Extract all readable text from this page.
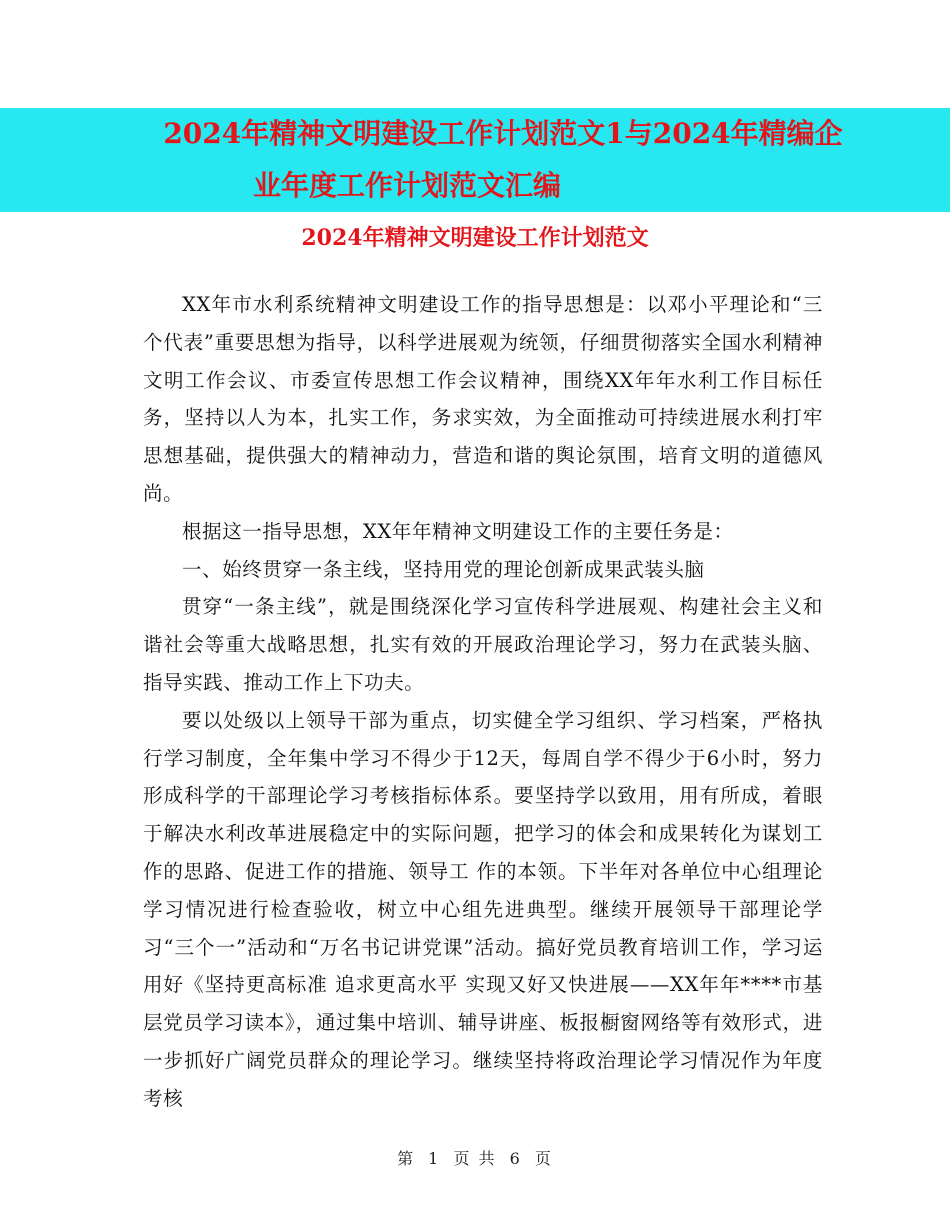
2024年精神文明建设工作计划范文1与2024年精编企
业年度工作计划范文汇编
2024年精神文明建设工作计划范文

XX年市水利系统精神文明建设工作的指导思想是：以邓小平理论和“三个代表”重要思想为指导，以科学进展观为统领，仔细贯彻落实全国水利精神文明工作会议、市委宣传思想工作会议精神，围绕XX年年水利工作目标任务，坚持以人为本，扎实工作，务求实效，为全面推动可持续进展水利打牢思想基础，提供强大的精神动力，营造和谐的舆论氛围，培育文明的道德风尚。

根据这一指导思想，XX年年精神文明建设工作的主要任务是：

一、始终贯穿一条主线，坚持用党的理论创新成果武装头脑

贯穿“一条主线”，就是围绕深化学习宣传科学进展观、构建社会主义和谐社会等重大战略思想，扎实有效的开展政治理论学习，努力在武装头脑、指导实践、推动工作上下功夫。

要以处级以上领导干部为重点，切实健全学习组织、学习档案，严格执行学习制度，全年集中学习不得少于12天，每周自学不得少于6小时，努力形成科学的干部理论学习考核指标体系。要坚持学以致用，用有所成，着眼于解决水利改革进展稳定中的实际问题，把学习的体会和成果转化为谋划工作的思路、促进工作的措施、领导工 作的本领。下半年对各单位中心组理论学习情况进行检查验收，树立中心组先进典型。继续开展领导干部理论学习“三个一”活动和“万名书记讲党课”活动。搞好党员教育培训工作，学习运用好《坚持更高标准 追求更高水平 实现又好又快进展——XX年年****市基层党员学习读本》，通过集中培训、辅导讲座、板报橱窗网络等有效形式，进一步抓好广阔党员群众的理论学习。继续坚持将政治理论学习情况作为年度考核

第 1 页 共 6 页
